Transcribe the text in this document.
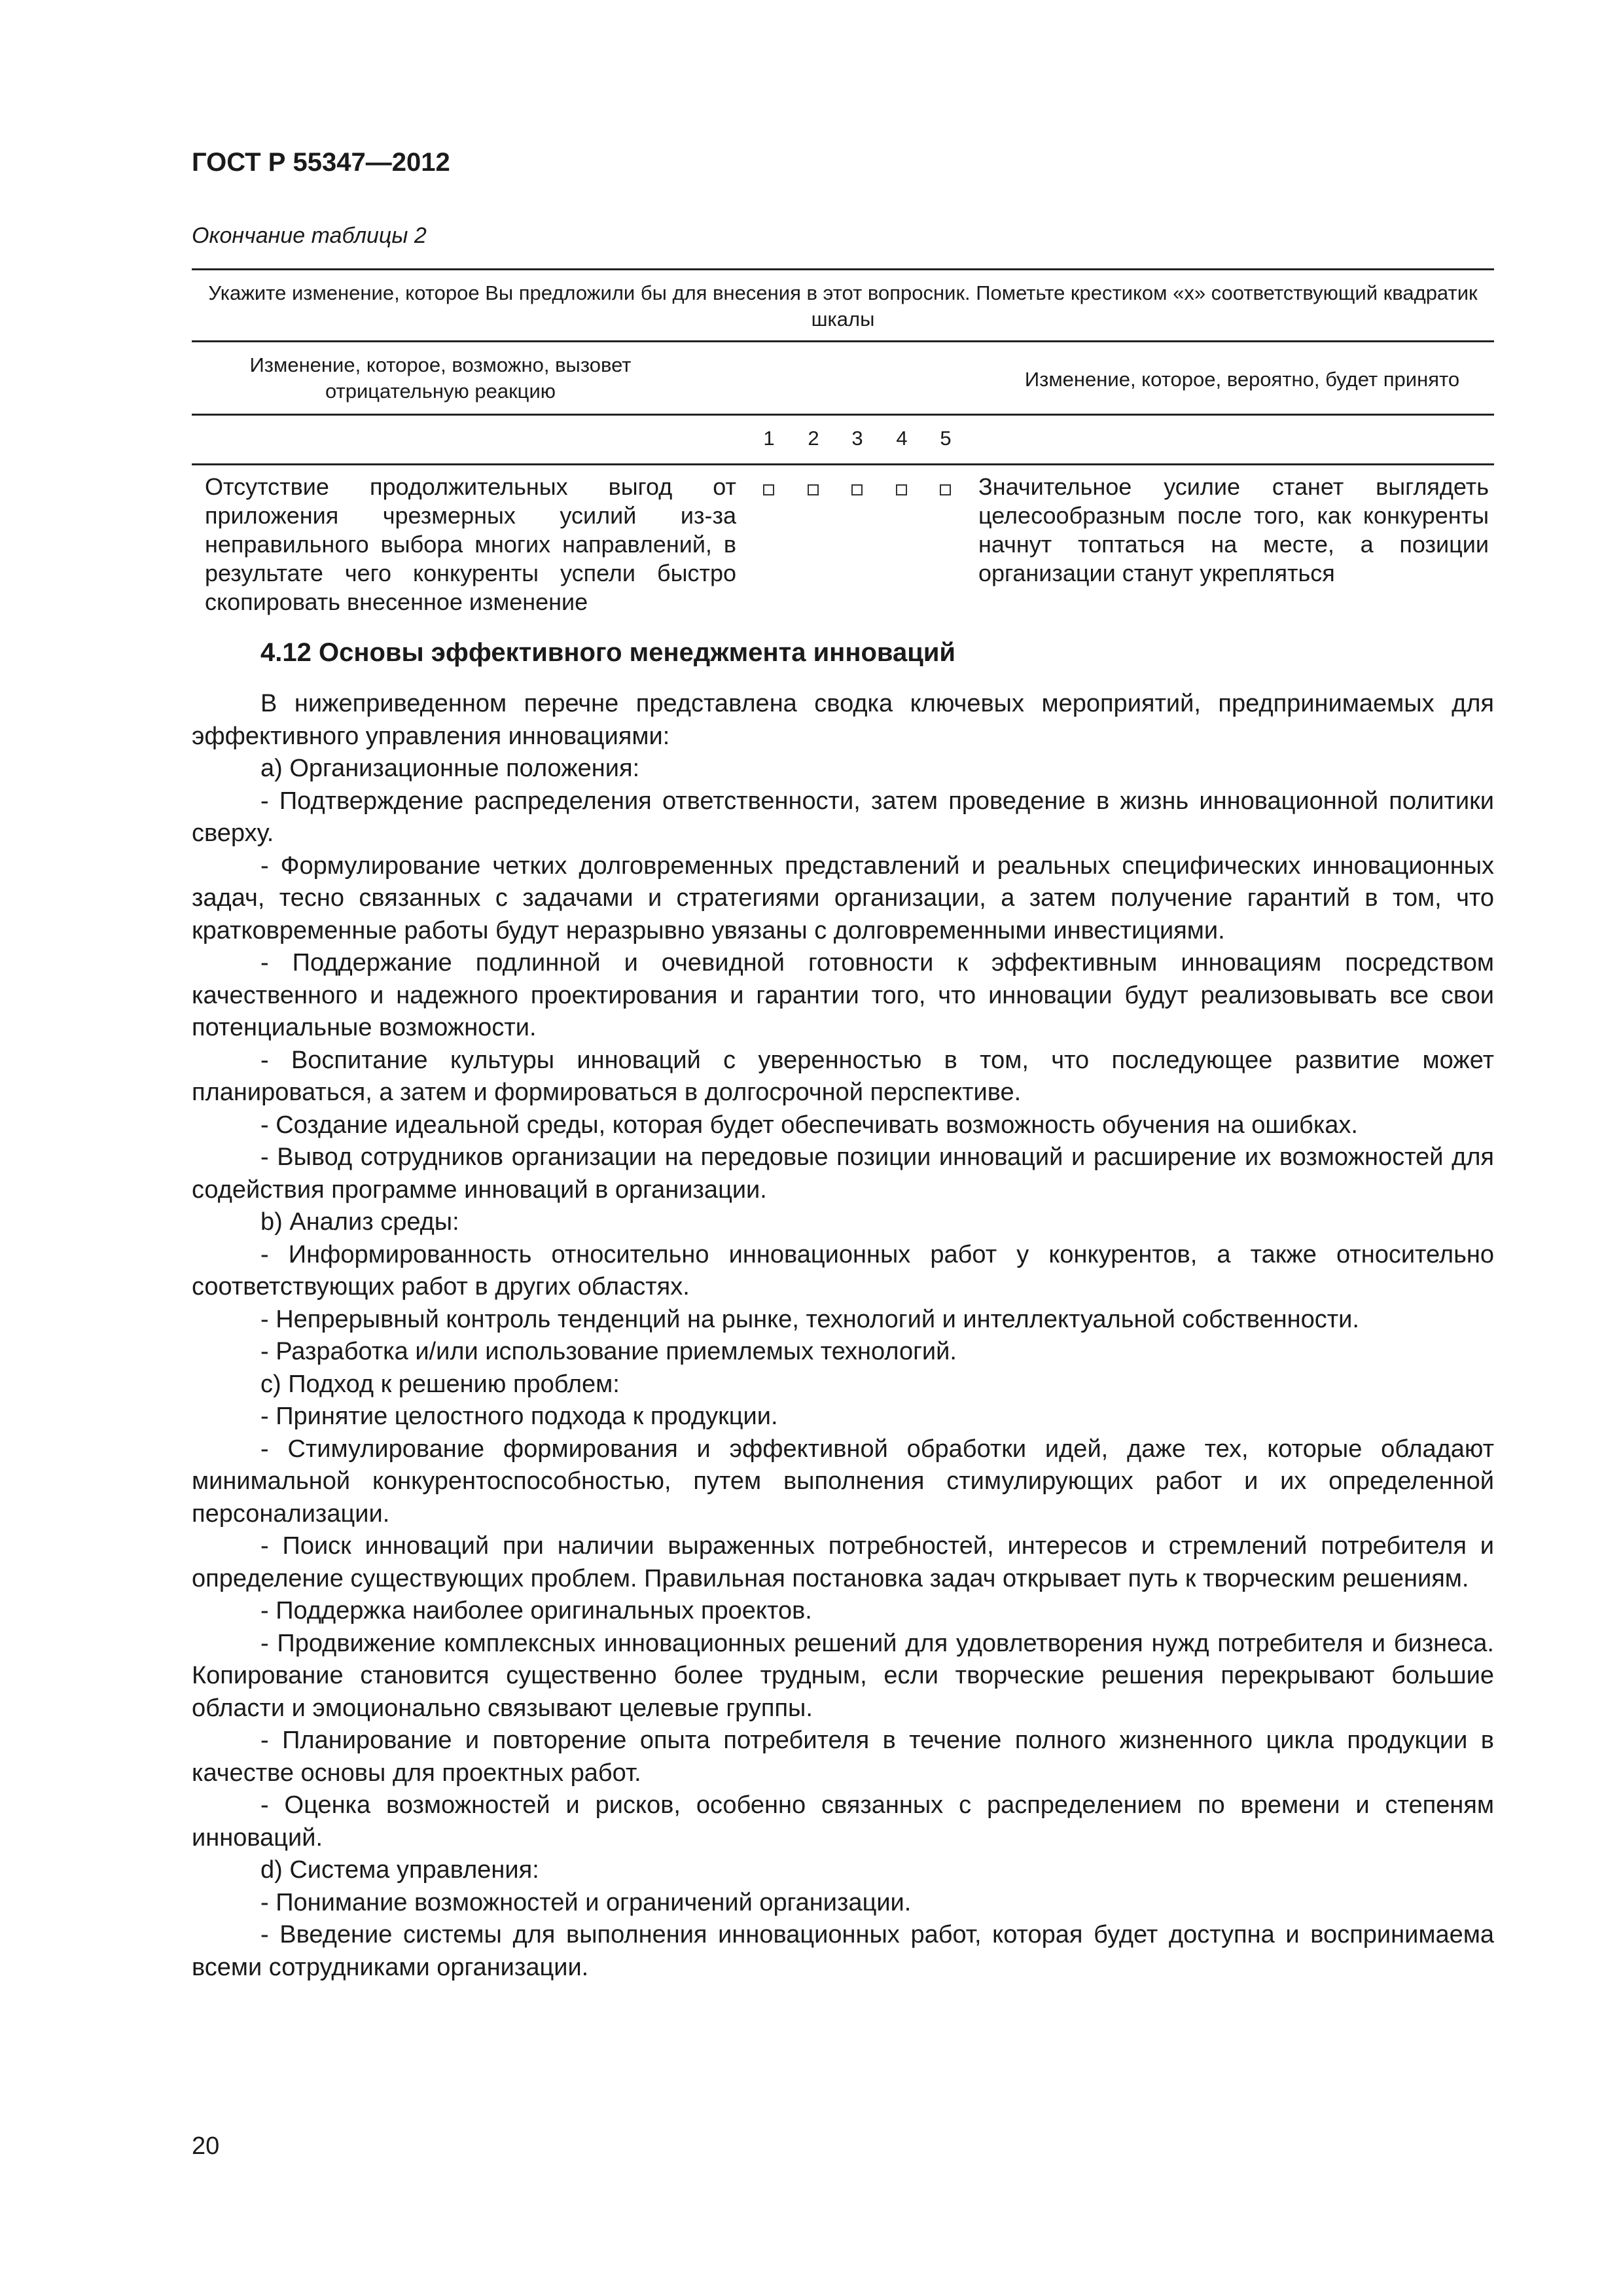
ГОСТ Р 55347—2012
Окончание таблицы 2
Укажите изменение, которое Вы предложили бы для внесения в этот вопросник. Пометьте крестиком «х» соответствующий квадратик шкалы
Изменение, которое, возможно, вызовет отрицательную реакцию
Изменение, которое, вероятно, будет принято
1 2 3 4 5
Отсутствие продолжительных выгод от приложения чрезмерных усилий из-за неправильного выбора многих направлений, в результате чего конкуренты успели быстро скопировать внесенное изменение
Значительное усилие станет выглядеть целесообразным после того, как конкуренты начнут топтаться на месте, а позиции организации станут укрепляться
4.12 Основы эффективного менеджмента инноваций

В нижеприведенном перечне представлена сводка ключевых мероприятий, предпринимаемых для эффективного управления инновациями:

а) Организационные положения:

- Подтверждение распределения ответственности, затем проведение в жизнь инновационной политики сверху.

- Формулирование четких долговременных представлений и реальных специфических инновационных задач, тесно связанных с задачами и стратегиями организации, а затем получение гарантий в том, что кратковременные работы будут неразрывно увязаны с долговременными инвестициями.

- Поддержание подлинной и очевидной готовности к эффективным инновациям посредством качественного и надежного проектирования и гарантии того, что инновации будут реализовывать все свои потенциальные возможности.

- Воспитание культуры инноваций с уверенностью в том, что последующее развитие может планироваться, а затем и формироваться в долгосрочной перспективе.

- Создание идеальной среды, которая будет обеспечивать возможность обучения на ошибках.

- Вывод сотрудников организации на передовые позиции инноваций и расширение их возможностей для содействия программе инноваций в организации.

b) Анализ среды:

- Информированность относительно инновационных работ у конкурентов, а также относительно соответствующих работ в других областях.

- Непрерывный контроль тенденций на рынке, технологий и интеллектуальной собственности.

- Разработка и/или использование приемлемых технологий.

с) Подход к решению проблем:

- Принятие целостного подхода к продукции.

- Стимулирование формирования и эффективной обработки идей, даже тех, которые обладают минимальной конкурентоспособностью, путем выполнения стимулирующих работ и их определенной персонализации.

- Поиск инноваций при наличии выраженных потребностей, интересов и стремлений потребителя и определение существующих проблем. Правильная постановка задач открывает путь к творческим решениям.

- Поддержка наиболее оригинальных проектов.

- Продвижение комплексных инновационных решений для удовлетворения нужд потребителя и бизнеса. Копирование становится существенно более трудным, если творческие решения перекрывают большие области и эмоционально связывают целевые группы.

- Планирование и повторение опыта потребителя в течение полного жизненного цикла продукции в качестве основы для проектных работ.

- Оценка возможностей и рисков, особенно связанных с распределением по времени и степеням инноваций.

d) Система управления:

- Понимание возможностей и ограничений организации.

- Введение системы для выполнения инновационных работ, которая будет доступна и воспринимаема всеми сотрудниками организации.

20
